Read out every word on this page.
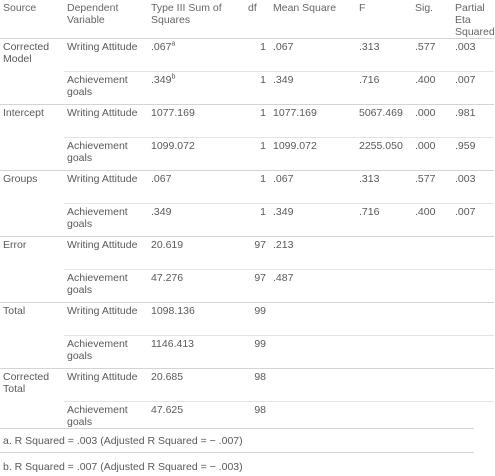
Source	Dependent Variable	Type III Sum of Squares	df	Mean Square	F	Sig.	Partial Eta Squared
Corrected Model	Writing Attitude	.067$^a$	1	.067	.313	.577	.003
	Achievement goals	.349$^b$	1	.349	.716	.400	.007
Intercept	Writing Attitude	1077.169	1	1077.169	5067.469	.000	.981
	Achievement goals	1099.072	1	1099.072	2255.050	.000	.959
Groups	Writing Attitude	.067	1	.067	.313	.577	.003
	Achievement goals	.349	1	.349	.716	.400	.007
Error	Writing Attitude	20.619	97	.213			
	Achievement goals	47.276	97	.487			
Total	Writing Attitude	1098.136	99				
	Achievement goals	1146.413	99				
Corrected Total	Writing Attitude	20.685	98				
	Achievement goals	47.625	98				
a. R Squared = .003 (Adjusted R Squared = − .007)
b. R Squared = .007 (Adjusted R Squared = − .003)
